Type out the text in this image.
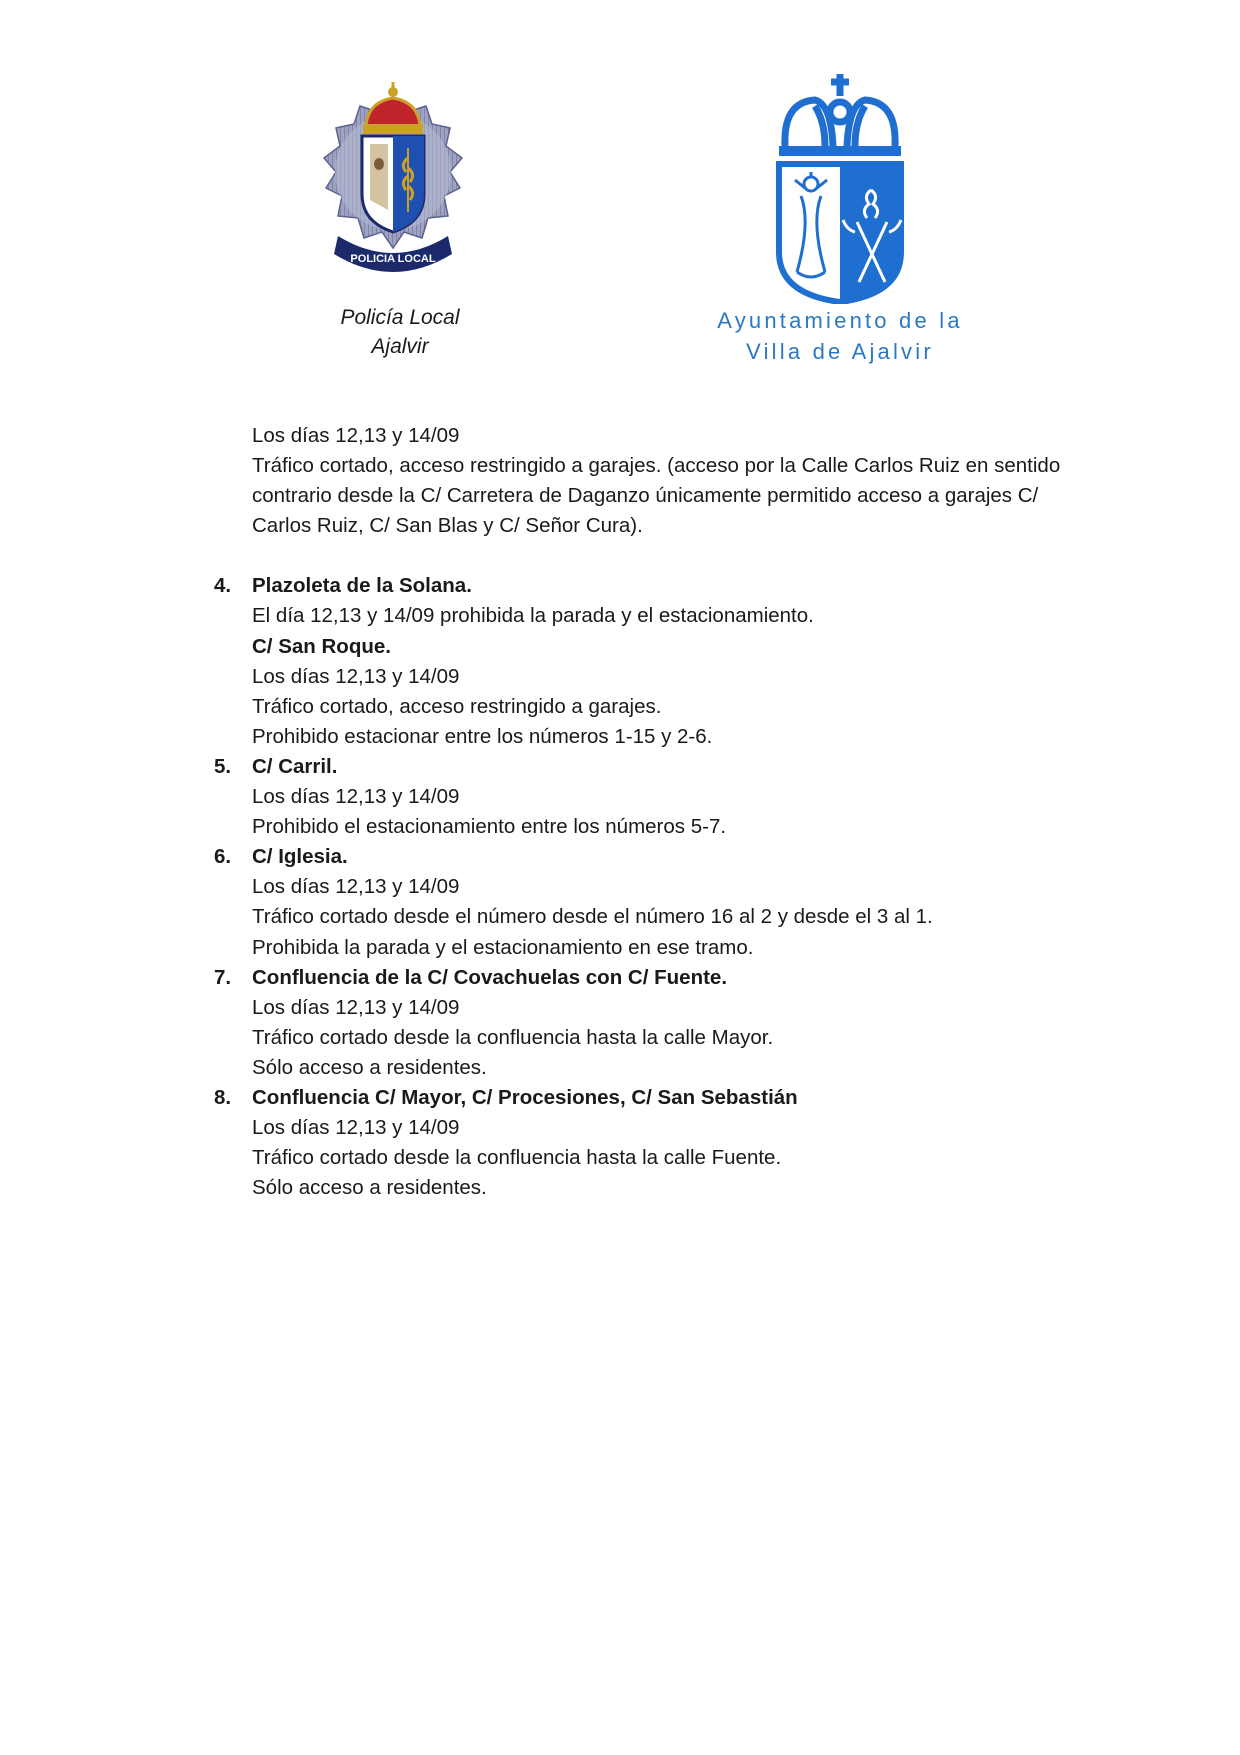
POLICIA LOCAL
Policía Local
Ajalvir
Ayuntamiento de la
Villa de Ajalvir
Los días 12,13 y 14/09
Tráfico cortado, acceso restringido a garajes. (acceso por la Calle Carlos Ruiz en sentido
contrario desde la C/ Carretera de Daganzo únicamente permitido acceso a garajes C/
Carlos Ruiz, C/ San Blas y C/ Señor Cura).
4. Plazoleta de la Solana.
El día 12,13 y 14/09 prohibida la parada y el estacionamiento.
C/ San Roque.
Los días 12,13 y 14/09
Tráfico cortado, acceso restringido a garajes.
Prohibido estacionar entre los números 1-15 y 2-6.
5. C/ Carril.
Los días 12,13 y 14/09
Prohibido el estacionamiento entre los números 5-7.
6. C/ Iglesia.
Los días 12,13 y 14/09
Tráfico cortado desde el número desde el número 16 al 2 y desde el 3 al 1.
Prohibida la parada y el estacionamiento en ese tramo.
7. Confluencia de la C/ Covachuelas con C/ Fuente.
Los días 12,13 y 14/09
Tráfico cortado desde la confluencia hasta la calle Mayor.
Sólo acceso a residentes.
8. Confluencia C/ Mayor, C/ Procesiones, C/ San Sebastián
Los días 12,13 y 14/09
Tráfico cortado desde la confluencia hasta la calle Fuente.
Sólo acceso a residentes.
